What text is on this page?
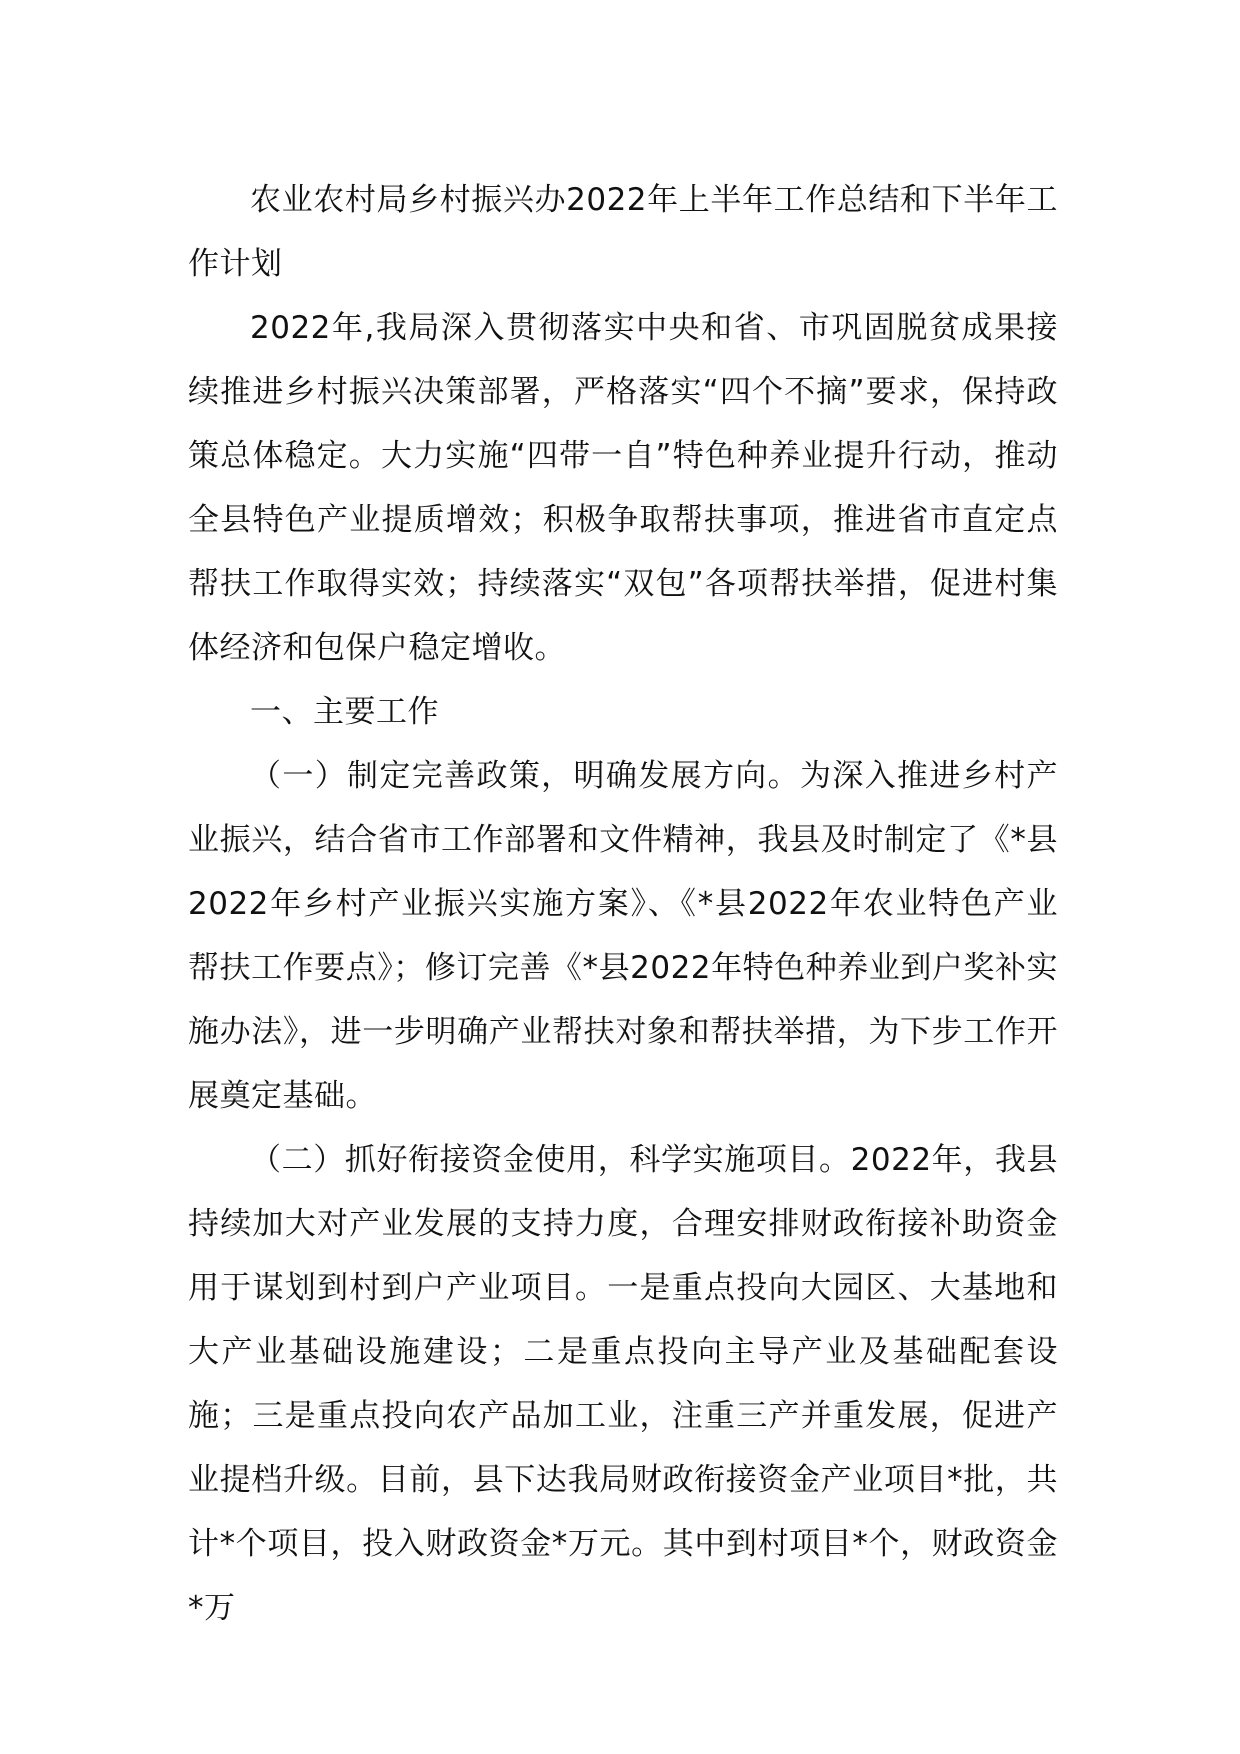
农业农村局乡村振兴办2022年上半年工作总结和下半年工作计划

2022年,我局深入贯彻落实中央和省、市巩固脱贫成果接续推进乡村振兴决策部署，严格落实“四个不摘”要求，保持政策总体稳定。大力实施“四带一自”特色种养业提升行动，推动全县特色产业提质增效；积极争取帮扶事项，推进省市直定点帮扶工作取得实效；持续落实“双包”各项帮扶举措，促进村集体经济和包保户稳定增收。

一、主要工作

（一）制定完善政策，明确发展方向。为深入推进乡村产业振兴，结合省市工作部署和文件精神，我县及时制定了《*县2022年乡村产业振兴实施方案》、《*县2022年农业特色产业帮扶工作要点》；修订完善《*县2022年特色种养业到户奖补实施办法》，进一步明确产业帮扶对象和帮扶举措，为下步工作开展奠定基础。

（二）抓好衔接资金使用，科学实施项目。2022年，我县持续加大对产业发展的支持力度，合理安排财政衔接补助资金用于谋划到村到户产业项目。一是重点投向大园区、大基地和大产业基础设施建设；二是重点投向主导产业及基础配套设施；三是重点投向农产品加工业，注重三产并重发展，促进产业提档升级。目前，县下达我局财政衔接资金产业项目*批，共计*个项目，投入财政资金*万元。其中到村项目*个，财政资金*万
